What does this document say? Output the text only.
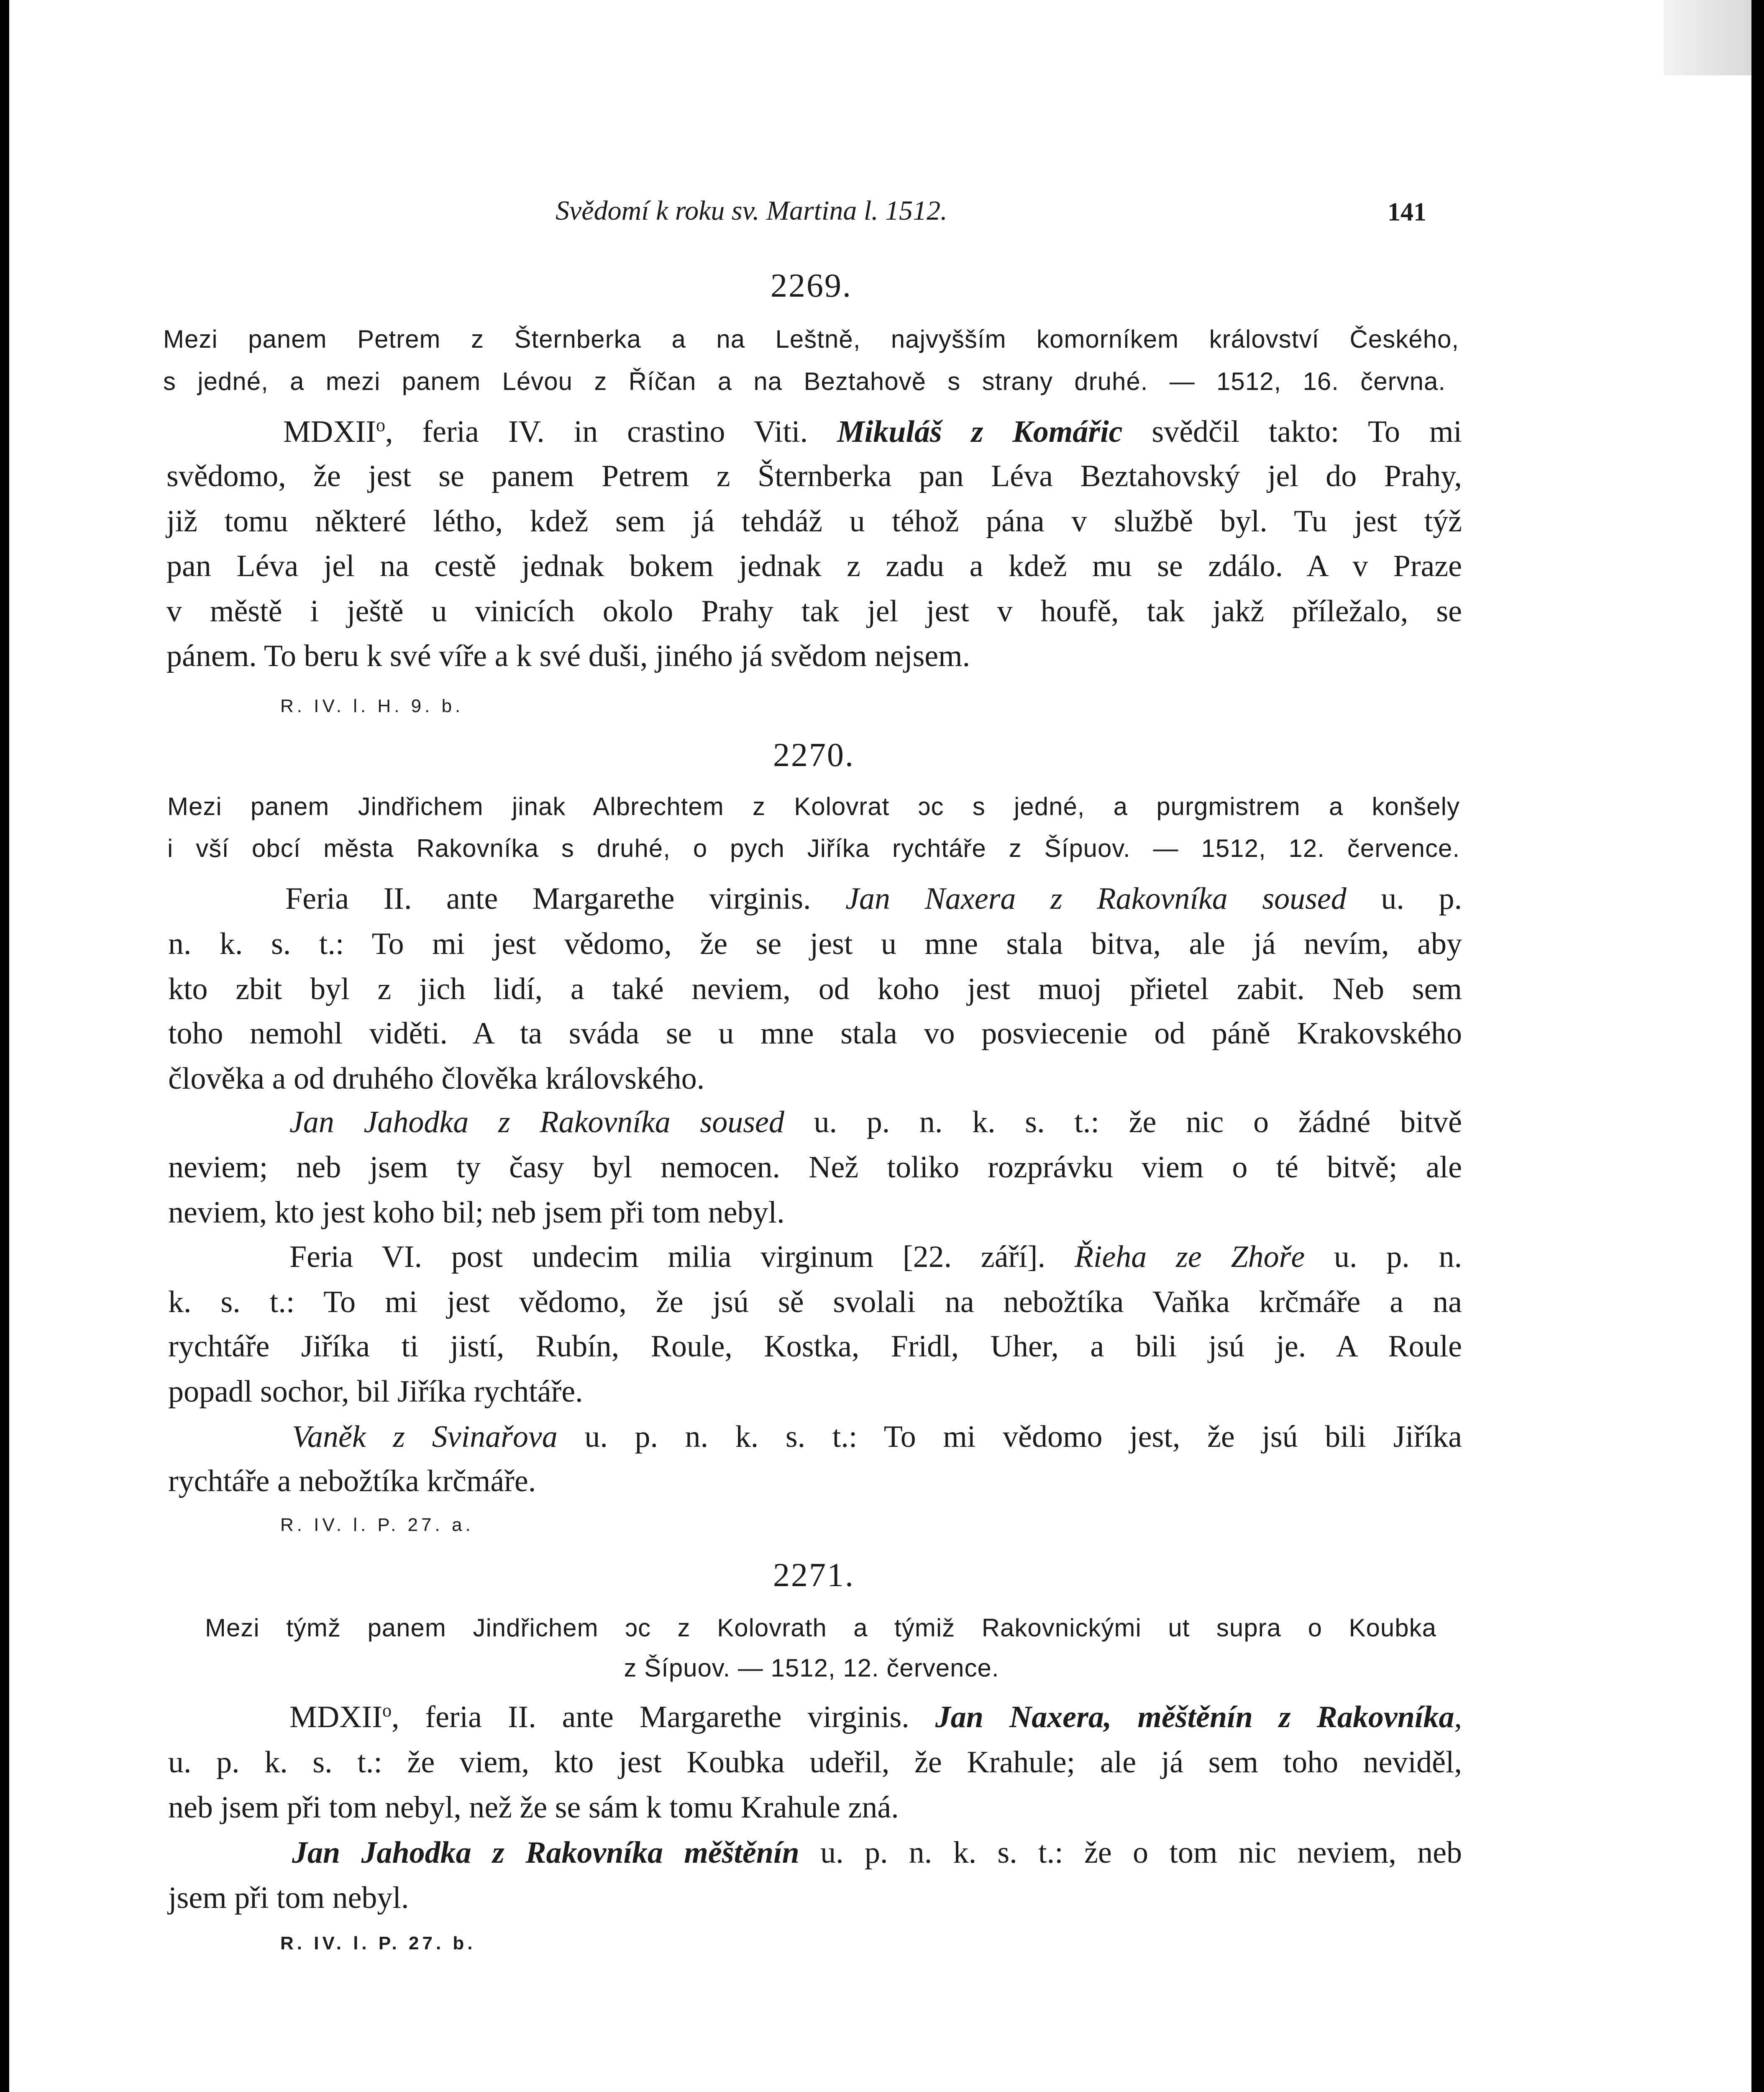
Svědomí k roku sv. Martina l. 1512.	141
2269.
Mezi panem Petrem z Šternberka a na Leštně, najvyšším komorníkem království Českého,
s jedné, a mezi panem Lévou z Říčan a na Beztahově s strany druhé. — 1512, 16. června.
MDXII$^o$, feria IV. in crastino Viti. Mikuláš z Komářic svědčil takto: To mi
svědomo, že jest se panem Petrem z Šternberka pan Léva Beztahovský jel do Prahy,
již tomu některé létho, kdež sem já tehdáž u téhož pána v službě byl. Tu jest týž
pan Léva jel na cestě jednak bokem jednak z zadu a kdež mu se zdálo. A v Praze
v městě i ještě u vinicích okolo Prahy tak jel jest v houfě, tak jakž příležalo, se
pánem. To beru k své víře a k své duši, jiného já svědom nejsem.
R. IV. l. H. 9. b.
2270.
Mezi panem Jindřichem jinak Albrechtem z Kolovrat ɔc s jedné, a purgmistrem a konšely
i vší obcí města Rakovníka s druhé, o pych Jiříka rychtáře z Šípuov. — 1512, 12. července.
Feria II. ante Margarethe virginis. Jan Naxera z Rakovníka soused u. p.
n. k. s. t.: To mi jest vědomo, že se jest u mne stala bitva, ale já nevím, aby
kto zbit byl z jich lidí, a také neviem, od koho jest muoj přietel zabit. Neb sem
toho nemohl viděti. A ta sváda se u mne stala vo posviecenie od páně Krakovského
člověka a od druhého člověka královského.
Jan Jahodka z Rakovníka soused u. p. n. k. s. t.: že nic o žádné bitvě
neviem; neb jsem ty časy byl nemocen. Než toliko rozprávku viem o té bitvě; ale
neviem, kto jest koho bil; neb jsem při tom nebyl.
Feria VI. post undecim milia virginum [22. září]. Řieha ze Zhoře u. p. n.
k. s. t.: To mi jest vědomo, že jsú sě svolali na nebožtíka Vaňka krčmáře a na
rychtáře Jiříka ti jistí, Rubín, Roule, Kostka, Fridl, Uher, a bili jsú je. A Roule
popadl sochor, bil Jiříka rychtáře.
Vaněk z Svinařova u. p. n. k. s. t.: To mi vědomo jest, že jsú bili Jiříka
rychtáře a nebožtíka krčmáře.
R. IV. l. P. 27. a.
2271.
Mezi týmž panem Jindřichem ɔc z Kolovrath a týmiž Rakovnickými ut supra o Koubka
z Šípuov. — 1512, 12. července.
MDXII$^o$, feria II. ante Margarethe virginis. Jan Naxera, měštěnín z Rakovníka,
u. p. k. s. t.: že viem, kto jest Koubka udeřil, že Krahule; ale já sem toho neviděl,
neb jsem při tom nebyl, než že se sám k tomu Krahule zná.
Jan Jahodka z Rakovníka měštěnín u. p. n. k. s. t.: že o tom nic neviem, neb
jsem při tom nebyl.
R. IV. l. P. 27. b.
